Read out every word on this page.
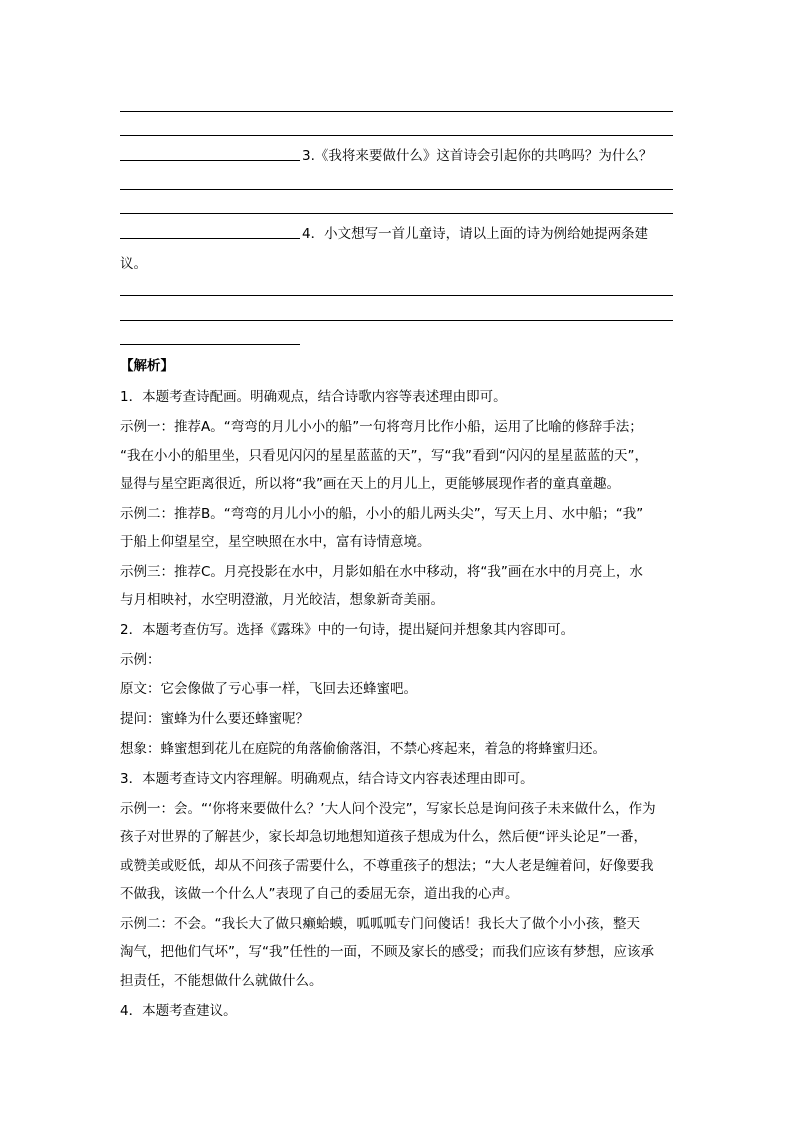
3.《我将来要做什么》这首诗会引起你的共鸣吗？为什么？
4．小文想写一首儿童诗，请以上面的诗为例给她提两条建
议。
【解析】
1．本题考查诗配画。明确观点，结合诗歌内容等表述理由即可。
示例一：推荐A。“弯弯的月儿小小的船”一句将弯月比作小船，运用了比喻的修辞手法；
“我在小小的船里坐，只看见闪闪的星星蓝蓝的天”，写“我”看到“闪闪的星星蓝蓝的天”，
显得与星空距离很近，所以将“我”画在天上的月儿上，更能够展现作者的童真童趣。
示例二：推荐B。“弯弯的月儿小小的船，小小的船儿两头尖”，写天上月、水中船；“我”
于船上仰望星空，星空映照在水中，富有诗情意境。
示例三：推荐C。月亮投影在水中，月影如船在水中移动，将“我”画在水中的月亮上，水
与月相映衬，水空明澄澈，月光皎洁，想象新奇美丽。
2．本题考查仿写。选择《露珠》中的一句诗，提出疑问并想象其内容即可。
示例：
原文：它会像做了亏心事一样，飞回去还蜂蜜吧。
提问：蜜蜂为什么要还蜂蜜呢？
想象：蜂蜜想到花儿在庭院的角落偷偷落泪，不禁心疼起来，着急的将蜂蜜归还。
3．本题考查诗文内容理解。明确观点，结合诗文内容表述理由即可。
示例一：会。“‘你将来要做什么？’大人问个没完”，写家长总是询问孩子未来做什么，作为
孩子对世界的了解甚少，家长却急切地想知道孩子想成为什么，然后便“评头论足”一番，
或赞美或贬低，却从不问孩子需要什么，不尊重孩子的想法；“大人老是缠着问，好像要我
不做我，该做一个什么人”表现了自己的委屈无奈，道出我的心声。
示例二：不会。“我长大了做只癞蛤蟆，呱呱呱专门问傻话！我长大了做个小小孩，整天
淘气，把他们气坏”，写“我”任性的一面，不顾及家长的感受；而我们应该有梦想，应该承
担责任，不能想做什么就做什么。
4．本题考查建议。
